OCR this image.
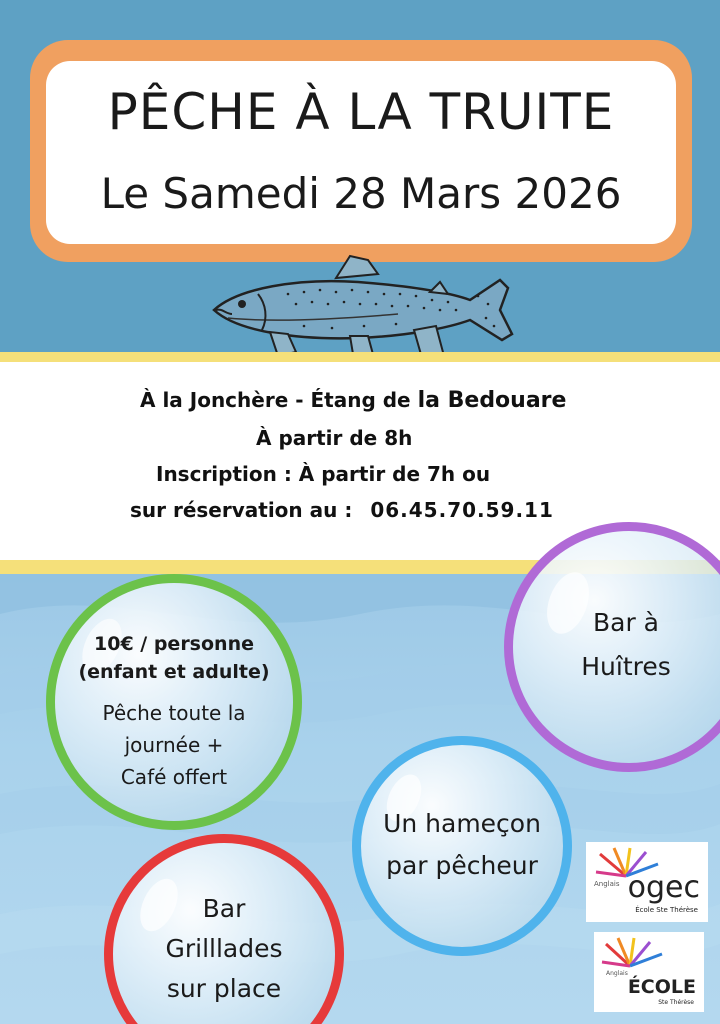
PÊCHE À LA TRUITE
Le Samedi 28 Mars 2026
À la Jonchère - Étang de la Bedouare
À partir de 8h
Inscription : À partir de 7h ou
sur réservation au : 06.45.70.59.11
Bar à
Huîtres
10€ / personne
(enfant et adulte)
Pêche toute la
journée +
Café offert
Un hameçon
par pêcheur
Bar
Grilllades
sur place
Anglais ogec
École Ste Thérèse
Anglais
ÉCOLE
Ste Thérèse
